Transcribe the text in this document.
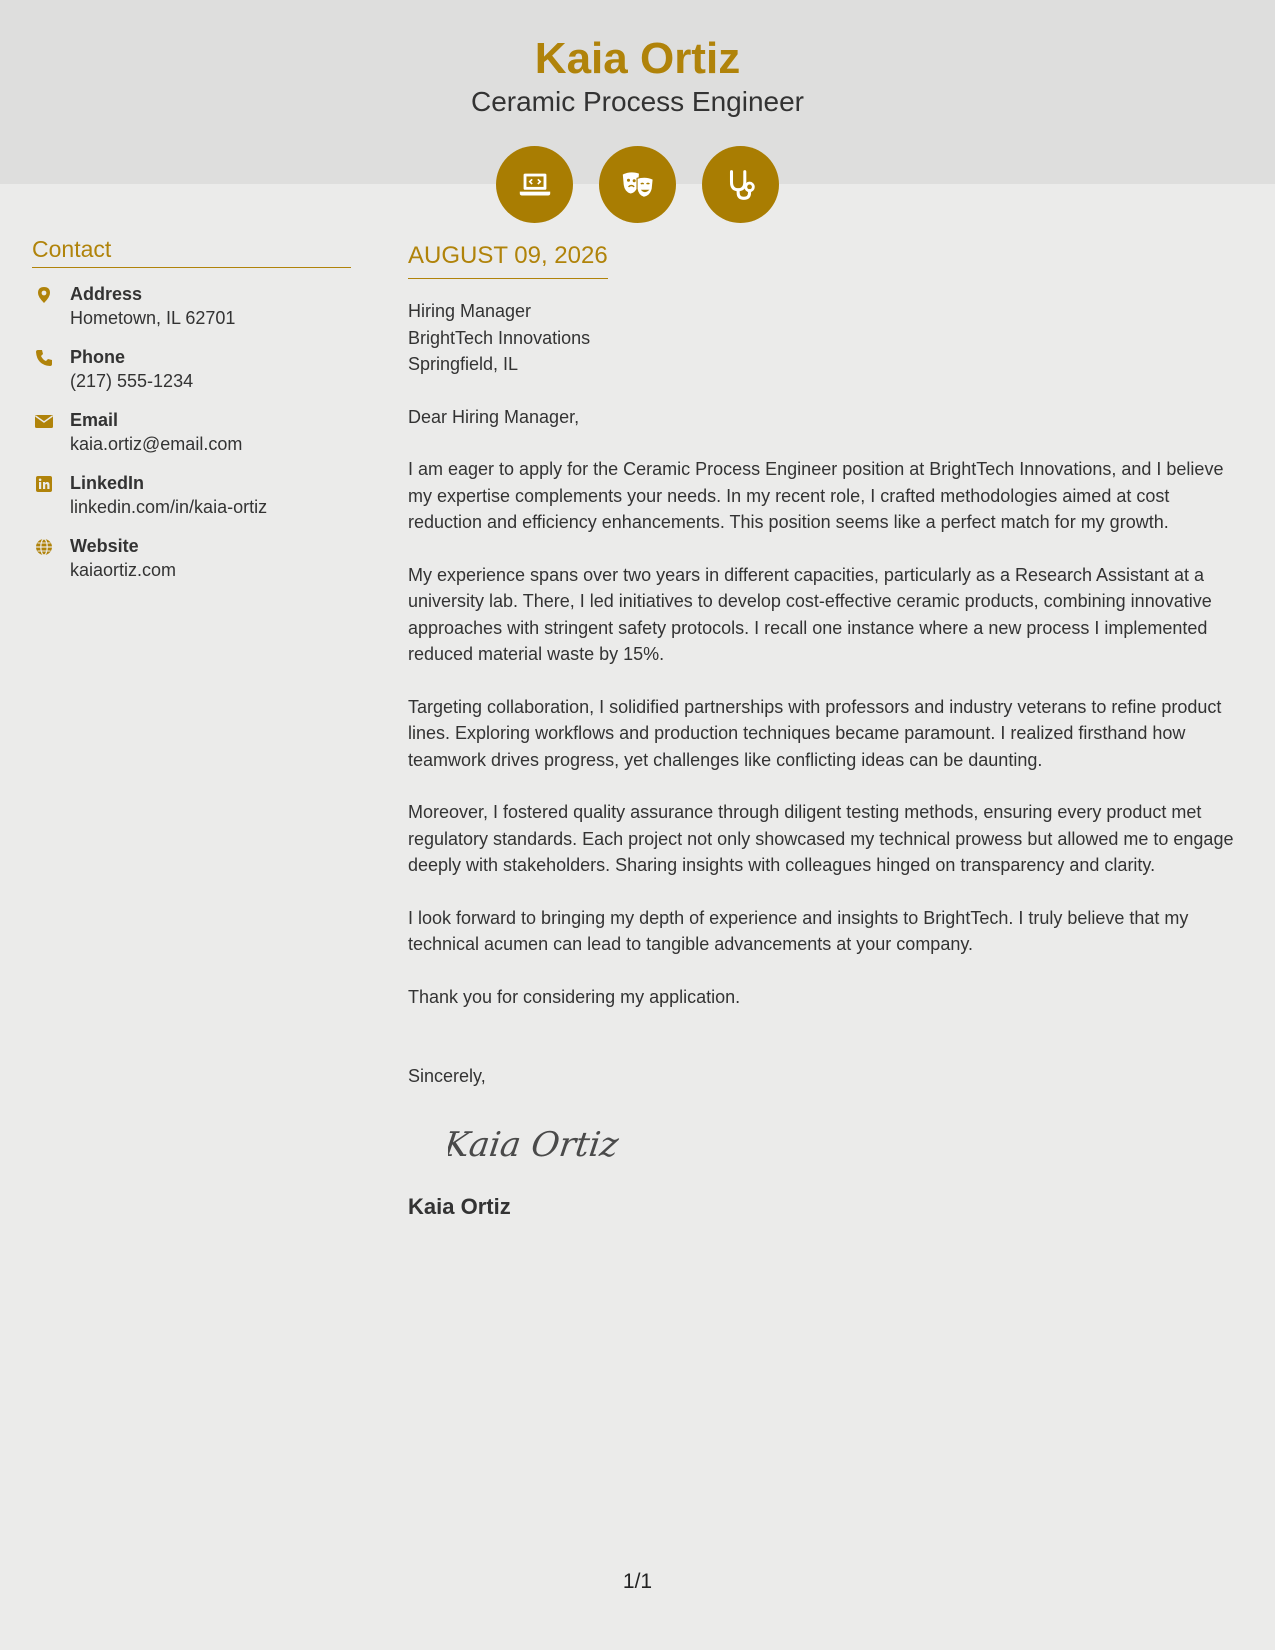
Kaia Ortiz
Ceramic Process Engineer
Contact
Address
Hometown, IL 62701
Phone
(217) 555-1234
Email
kaia.ortiz@email.com
LinkedIn
linkedin.com/in/kaia-ortiz
Website
kaiaortiz.com
AUGUST 09, 2026
Hiring Manager
BrightTech Innovations
Springfield, IL
Dear Hiring Manager,

I am eager to apply for the Ceramic Process Engineer position at BrightTech Innovations, and I believe my expertise complements your needs. In my recent role, I crafted methodologies aimed at cost reduction and efficiency enhancements. This position seems like a perfect match for my growth.

My experience spans over two years in different capacities, particularly as a Research Assistant at a university lab. There, I led initiatives to develop cost-effective ceramic products, combining innovative approaches with stringent safety protocols. I recall one instance where a new process I implemented reduced material waste by 15%.

Targeting collaboration, I solidified partnerships with professors and industry veterans to refine product lines. Exploring workflows and production techniques became paramount. I realized firsthand how teamwork drives progress, yet challenges like conflicting ideas can be daunting.

Moreover, I fostered quality assurance through diligent testing methods, ensuring every product met regulatory standards. Each project not only showcased my technical prowess but allowed me to engage deeply with stakeholders. Sharing insights with colleagues hinged on transparency and clarity.

I look forward to bringing my depth of experience and insights to BrightTech. I truly believe that my technical acumen can lead to tangible advancements at your company.

Thank you for considering my application.

Sincerely,
Kaia Ortiz
Kaia Ortiz
1/1
